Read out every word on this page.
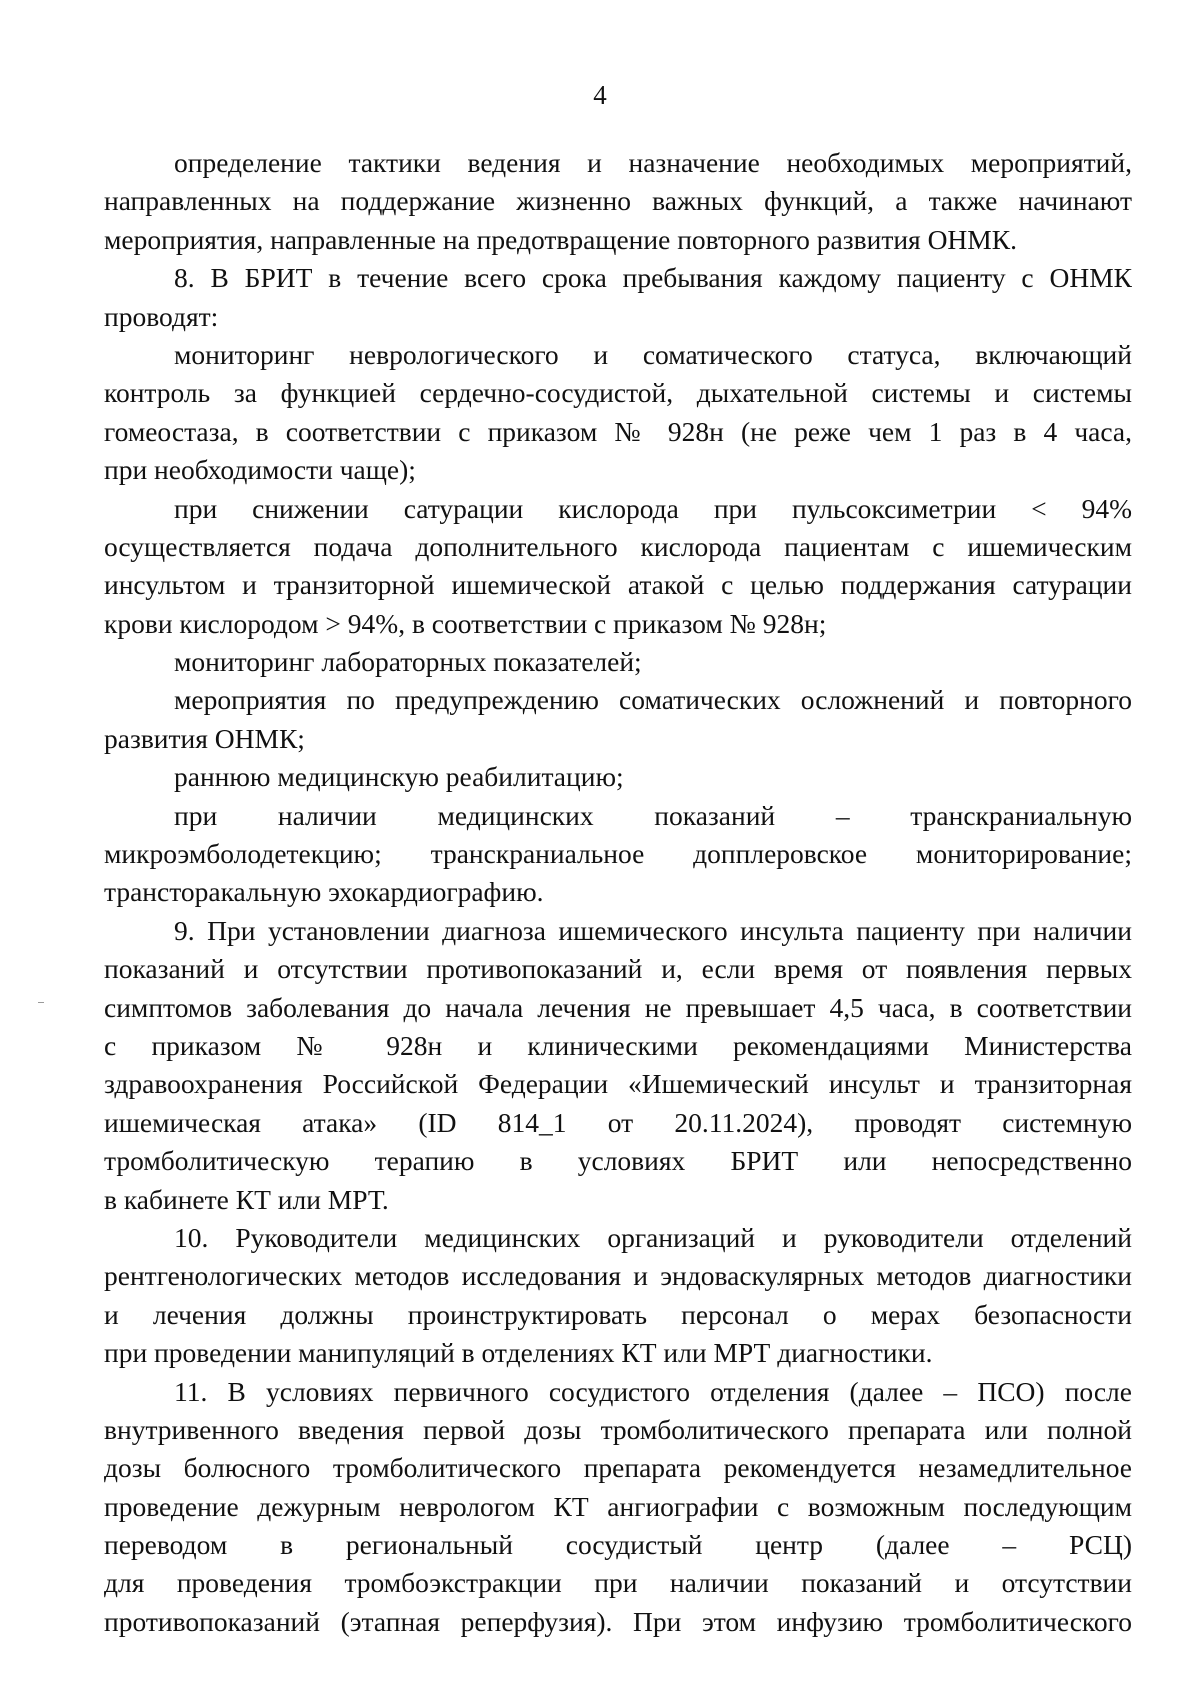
4
определение тактики ведения и назначение необходимых мероприятий,
направленных на поддержание жизненно важных функций, а также начинают
мероприятия, направленные на предотвращение повторного развития ОНМК.
8. В БРИТ в течение всего срока пребывания каждому пациенту с ОНМК
проводят:
мониторинг неврологического и соматического статуса, включающий
контроль за функцией сердечно-сосудистой, дыхательной системы и системы
гомеостаза, в соответствии с приказом № 928н (не реже чем 1 раз в 4 часа,
при необходимости чаще);
при снижении сатурации кислорода при пульсоксиметрии < 94%
осуществляется подача дополнительного кислорода пациентам с ишемическим
инсультом и транзиторной ишемической атакой с целью поддержания сатурации
крови кислородом > 94%, в соответствии с приказом № 928н;
мониторинг лабораторных показателей;
мероприятия по предупреждению соматических осложнений и повторного
развития ОНМК;
раннюю медицинскую реабилитацию;
при наличии медицинских показаний – транскраниальную
микроэмболодетекцию; транскраниальное допплеровское мониторирование;
трансторакальную эхокардиографию.
9. При установлении диагноза ишемического инсульта пациенту при наличии
показаний и отсутствии противопоказаний и, если время от появления первых
симптомов заболевания до начала лечения не превышает 4,5 часа, в соответствии
с приказом № 928н и клиническими рекомендациями Министерства
здравоохранения Российской Федерации «Ишемический инсульт и транзиторная
ишемическая атака» (ID 814_1 от 20.11.2024), проводят системную
тромболитическую терапию в условиях БРИТ или непосредственно
в кабинете КТ или МРТ.
10. Руководители медицинских организаций и руководители отделений
рентгенологических методов исследования и эндоваскулярных методов диагностики
и лечения должны проинструктировать персонал о мерах безопасности
при проведении манипуляций в отделениях КТ или МРТ диагностики.
11. В условиях первичного сосудистого отделения (далее – ПСО) после
внутривенного введения первой дозы тромболитического препарата или полной
дозы болюсного тромболитического препарата рекомендуется незамедлительное
проведение дежурным неврологом КТ ангиографии с возможным последующим
переводом в региональный сосудистый центр (далее – РСЦ)
для проведения тромбоэкстракции при наличии показаний и отсутствии
противопоказаний (этапная реперфузия). При этом инфузию тромболитического
